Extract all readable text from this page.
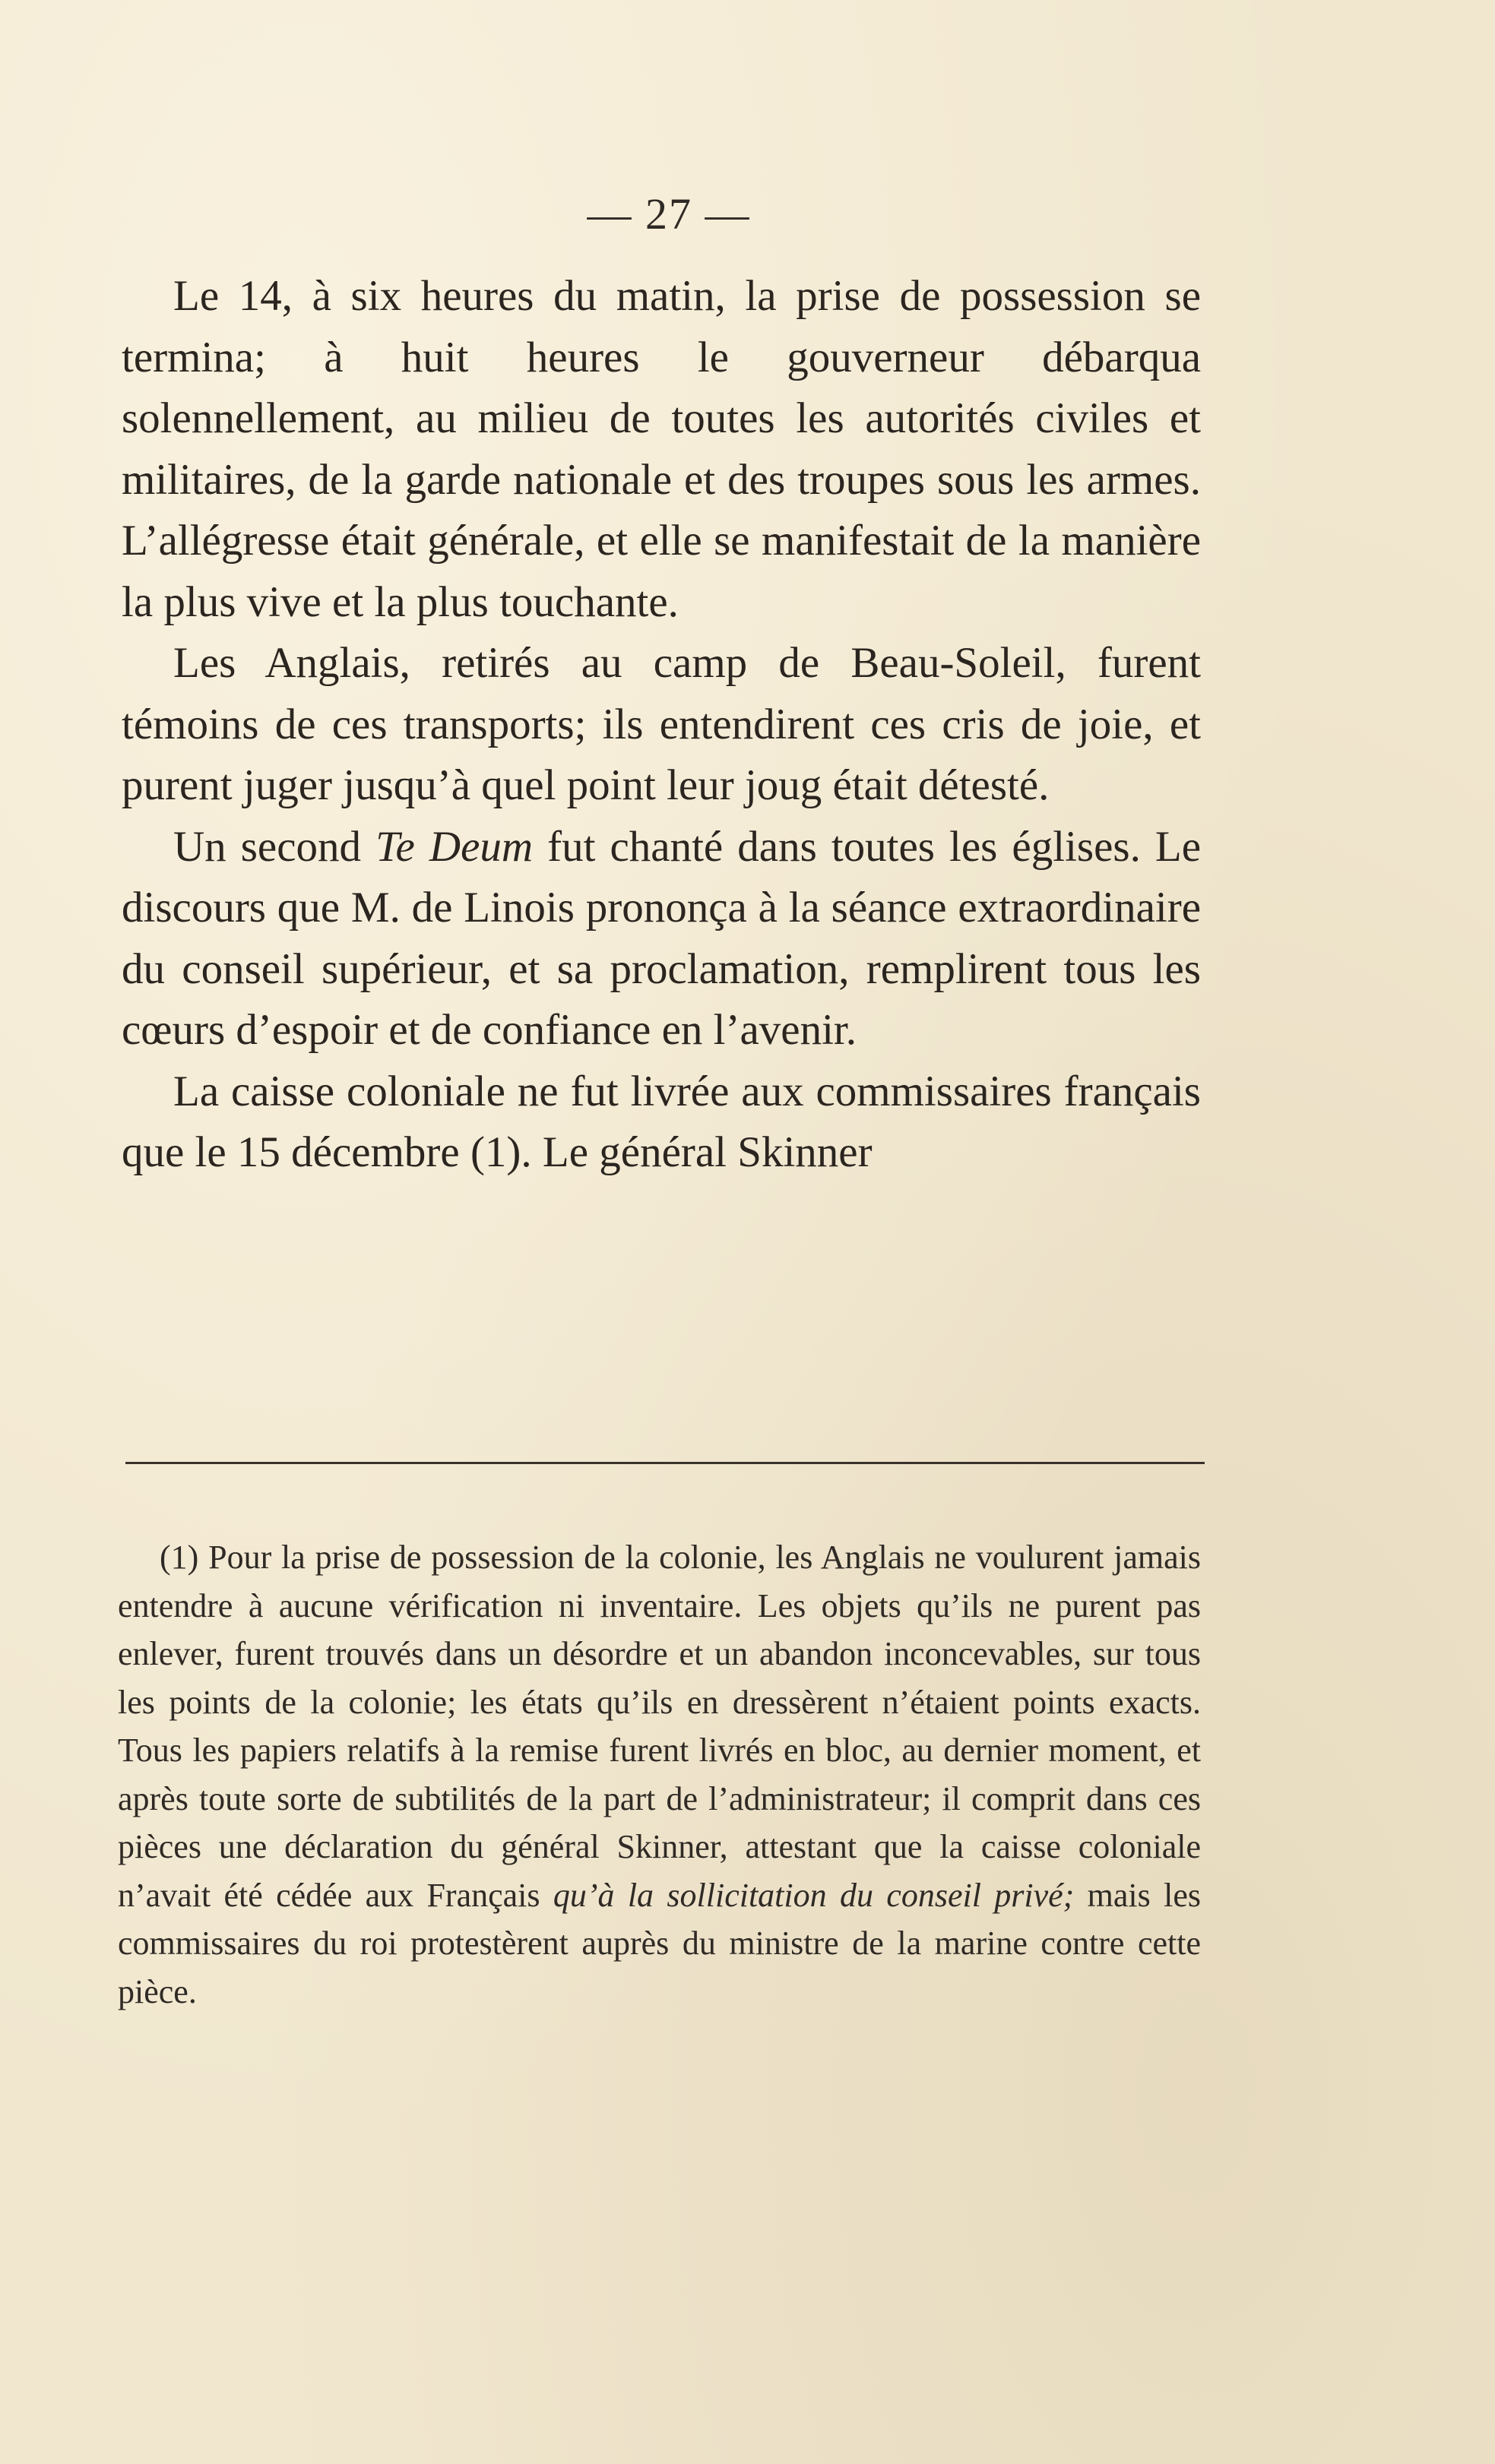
— 27 —

Le 14, à six heures du matin, la prise de possession se termina; à huit heures le gouverneur débarqua solennellement, au milieu de toutes les autorités civiles et militaires, de la garde nationale et des troupes sous les armes. L’allégresse était générale, et elle se manifestait de la manière la plus vive et la plus touchante.

Les Anglais, retirés au camp de Beau-Soleil, furent témoins de ces transports; ils entendirent ces cris de joie, et purent juger jusqu’à quel point leur joug était détesté.

Un second Te Deum fut chanté dans toutes les églises. Le discours que M. de Linois prononça à la séance extraordinaire du conseil supérieur, et sa proclamation, remplirent tous les cœurs d’espoir et de confiance en l’avenir.

La caisse coloniale ne fut livrée aux commissaires français que le 15 décembre (1). Le général Skinner

(1) Pour la prise de possession de la colonie, les Anglais ne voulurent jamais entendre à aucune vérification ni inventaire. Les objets qu’ils ne purent pas enlever, furent trouvés dans un désordre et un abandon inconcevables, sur tous les points de la colonie; les états qu’ils en dressèrent n’étaient points exacts. Tous les papiers relatifs à la remise furent livrés en bloc, au dernier moment, et après toute sorte de subtilités de la part de l’administrateur; il comprit dans ces pièces une déclaration du général Skinner, attestant que la caisse coloniale n’avait été cédée aux Français qu’à la sollicitation du conseil privé; mais les commissaires du roi protestèrent auprès du ministre de la marine contre cette pièce.
